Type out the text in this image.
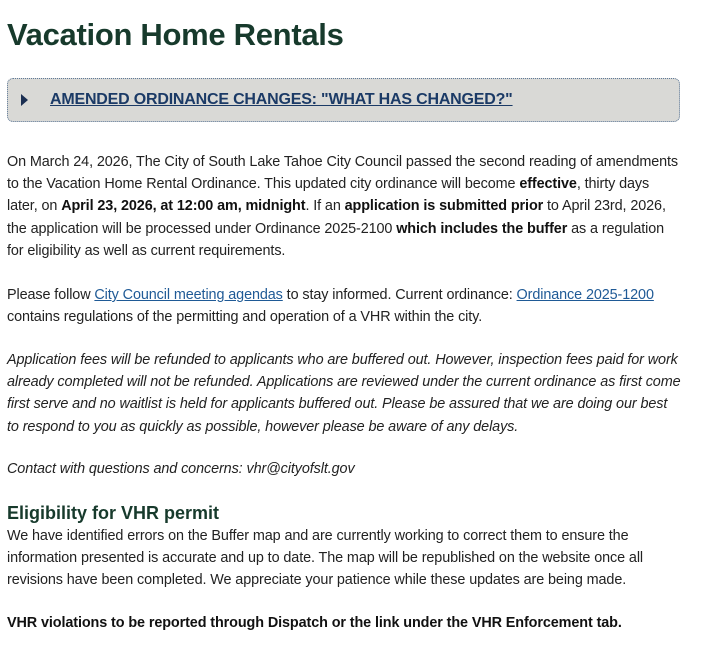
Vacation Home Rentals
AMENDED ORDINANCE CHANGES: "WHAT HAS CHANGED?"

On March 24, 2026, The City of South Lake Tahoe City Council passed the second reading of amendments to the Vacation Home Rental Ordinance. This updated city ordinance will become effective, thirty days later, on April 23, 2026, at 12:00 am, midnight. If an application is submitted prior to April 23rd, 2026, the application will be processed under Ordinance 2025-2100 which includes the buffer as a regulation for eligibility as well as current requirements.

Please follow City Council meeting agendas to stay informed. Current ordinance: Ordinance 2025-1200 contains regulations of the permitting and operation of a VHR within the city.

Application fees will be refunded to applicants who are buffered out. However, inspection fees paid for work already completed will not be refunded. Applications are reviewed under the current ordinance as first come first serve and no waitlist is held for applicants buffered out. Please be assured that we are doing our best to respond to you as quickly as possible, however please be aware of any delays.

Contact with questions and concerns: vhr@cityofslt.gov

Eligibility for VHR permit

We have identified errors on the Buffer map and are currently working to correct them to ensure the information presented is accurate and up to date. The map will be republished on the website once all revisions have been completed. We appreciate your patience while these updates are being made.

VHR violations to be reported through Dispatch or the link under the VHR Enforcement tab.
